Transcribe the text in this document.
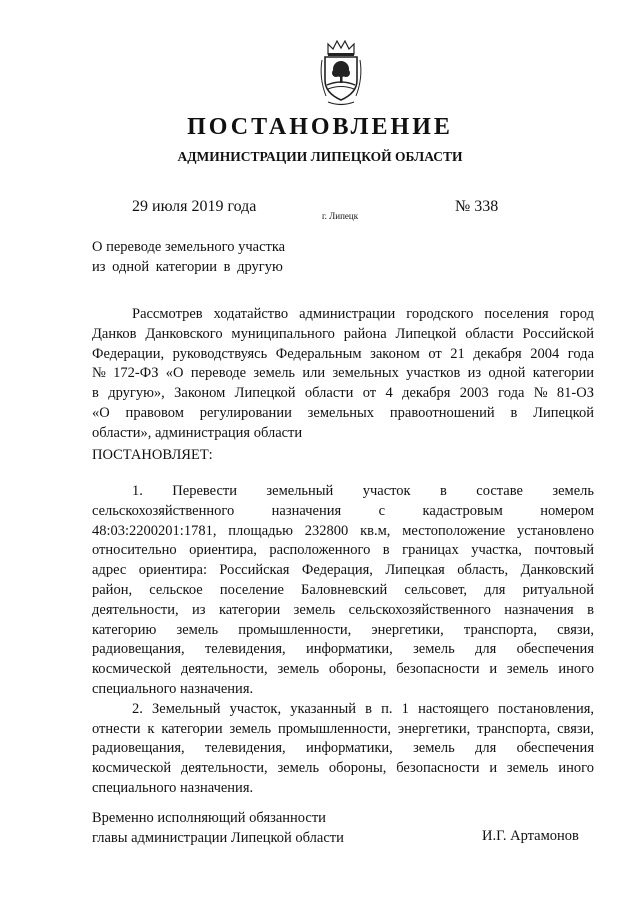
ПОСТАНОВЛЕНИЕ
АДМИНИСТРАЦИИ ЛИПЕЦКОЙ ОБЛАСТИ
29 июля 2019 года
г. Липецк
№ 338
О переводе земельного участка
из одной категории в другую
Рассмотрев ходатайство администрации городского поселения город
Данков Данковского муниципального района Липецкой области Российской
Федерации, руководствуясь Федеральным законом от 21 декабря 2004 года
№ 172-ФЗ «О переводе земель или земельных участков из одной категории
в другую», Законом Липецкой области от 4 декабря 2003 года № 81-ОЗ
«О правовом регулировании земельных правоотношений в Липецкой
области», администрация области
ПОСТАНОВЛЯЕТ:
1. Перевести земельный участок в составе земель
сельскохозяйственного назначения с кадастровым номером
48:03:2200201:1781, площадью 232800 кв.м, местоположение установлено
относительно ориентира, расположенного в границах участка, почтовый
адрес ориентира: Российская Федерация, Липецкая область, Данковский
район, сельское поселение Баловневский сельсовет, для ритуальной
деятельности, из категории земель сельскохозяйственного назначения в
категорию земель промышленности, энергетики, транспорта, связи,
радиовещания, телевидения, информатики, земель для обеспечения
космической деятельности, земель обороны, безопасности и земель иного
специального назначения.
2. Земельный участок, указанный в п. 1 настоящего постановления,
отнести к категории земель промышленности, энергетики, транспорта, связи,
радиовещания, телевидения, информатики, земель для обеспечения
космической деятельности, земель обороны, безопасности и земель иного
специального назначения.
Временно исполняющий обязанности
главы администрации Липецкой области	И.Г. Артамонов
